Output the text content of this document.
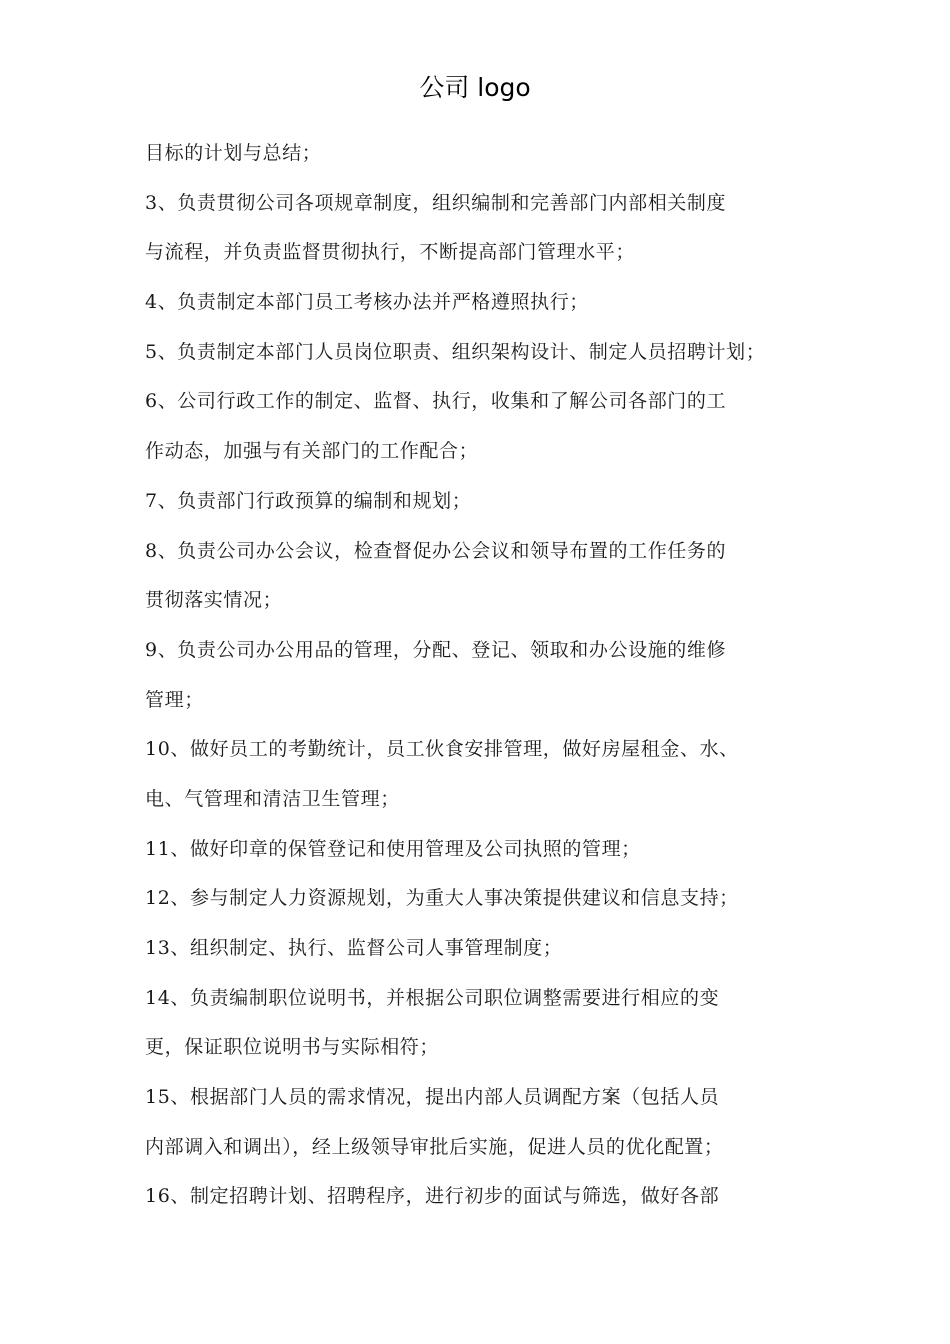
公司 logo
目标的计划与总结；
3、负责贯彻公司各项规章制度，组织编制和完善部门内部相关制度
与流程，并负责监督贯彻执行，不断提高部门管理水平；
4、负责制定本部门员工考核办法并严格遵照执行；
5、负责制定本部门人员岗位职责、组织架构设计、制定人员招聘计划；
6、公司行政工作的制定、监督、执行，收集和了解公司各部门的工
作动态，加强与有关部门的工作配合；
7、负责部门行政预算的编制和规划；
8、负责公司办公会议，检查督促办公会议和领导布置的工作任务的
贯彻落实情况；
9、负责公司办公用品的管理，分配、登记、领取和办公设施的维修
管理；
10、做好员工的考勤统计，员工伙食安排管理，做好房屋租金、水、
电、气管理和清洁卫生管理；
11、做好印章的保管登记和使用管理及公司执照的管理；
12、参与制定人力资源规划，为重大人事决策提供建议和信息支持；
13、组织制定、执行、监督公司人事管理制度；
14、负责编制职位说明书，并根据公司职位调整需要进行相应的变
更，保证职位说明书与实际相符；
15、根据部门人员的需求情况，提出内部人员调配方案（包括人员
内部调入和调出），经上级领导审批后实施，促进人员的优化配置；
16、制定招聘计划、招聘程序，进行初步的面试与筛选，做好各部
